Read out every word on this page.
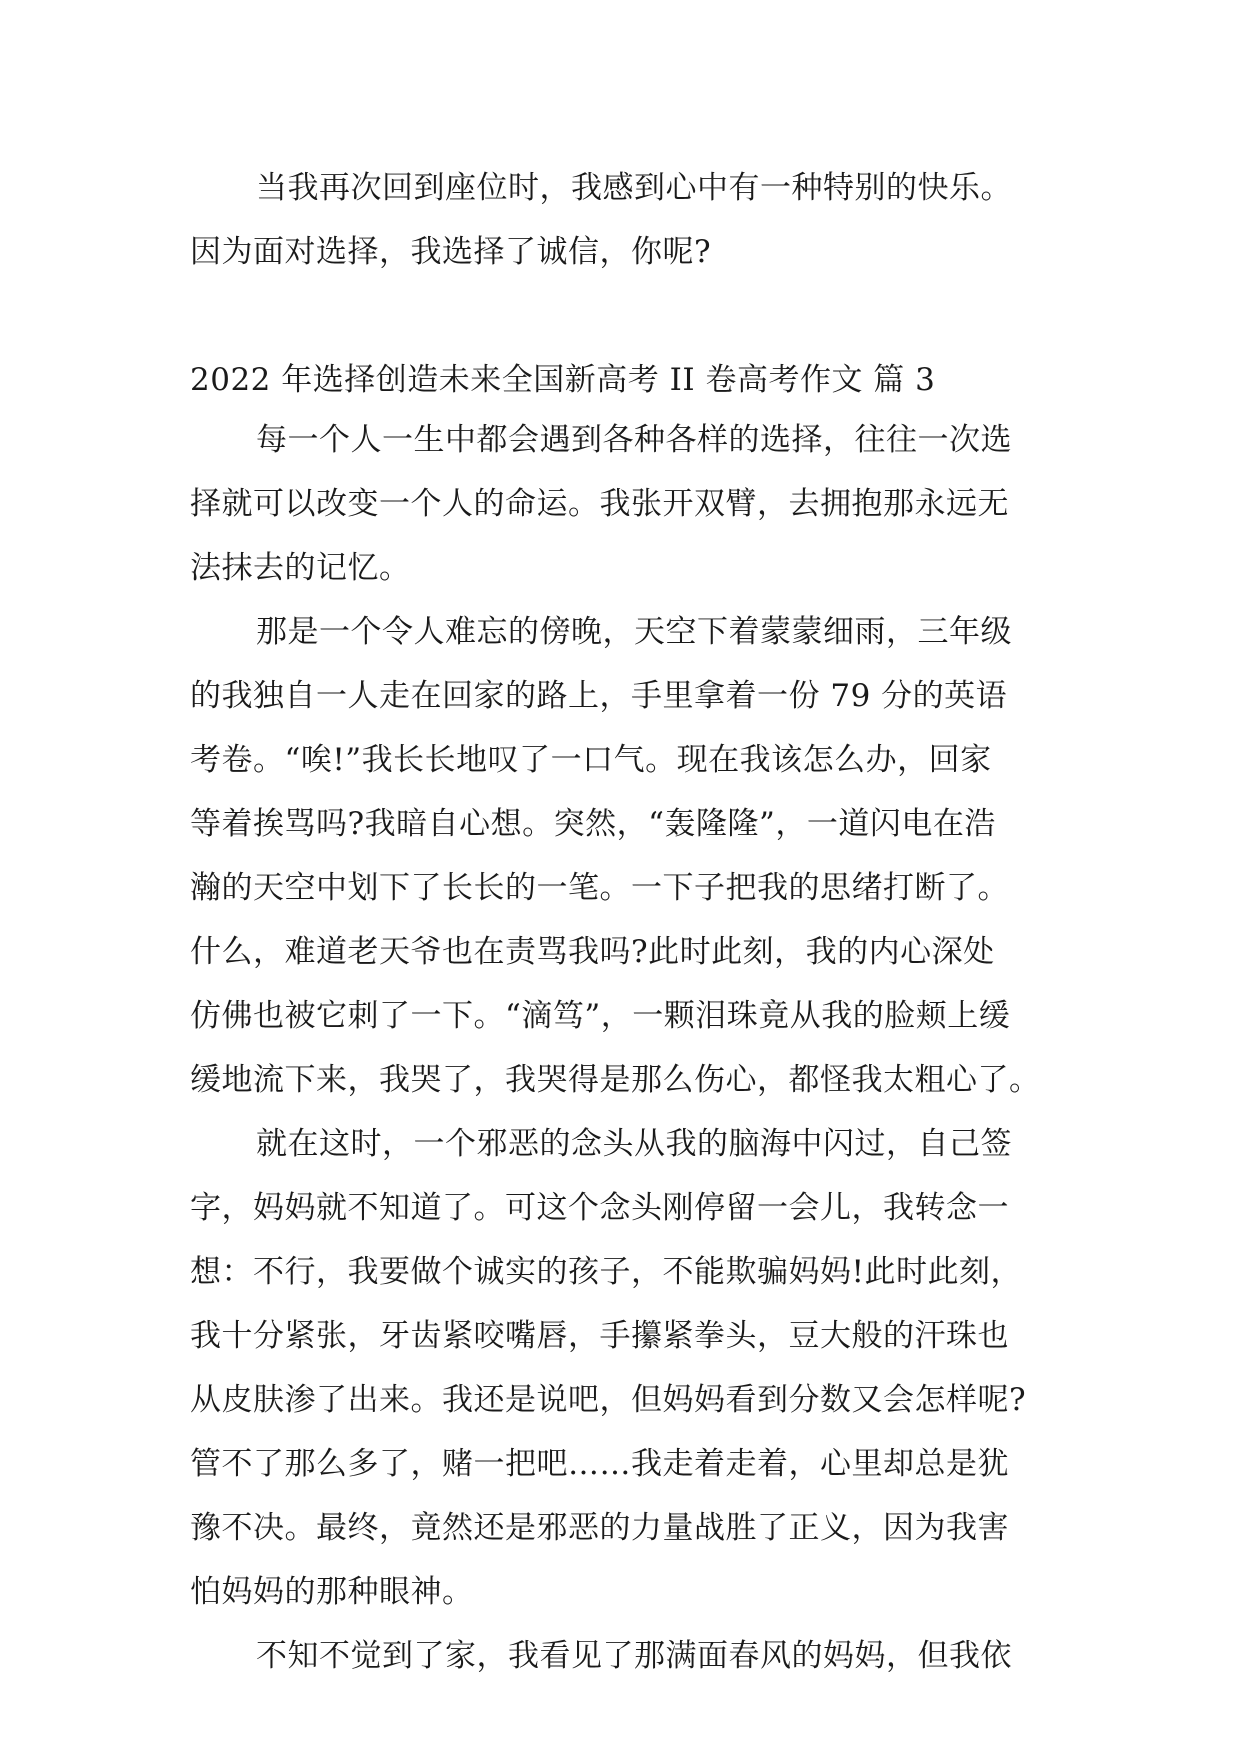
当我再次回到座位时，我感到心中有一种特别的快乐。
因为面对选择，我选择了诚信，你呢?
2022 年选择创造未来全国新高考 II 卷高考作文 篇 3
每一个人一生中都会遇到各种各样的选择，往往一次选
择就可以改变一个人的命运。我张开双臂，去拥抱那永远无
法抹去的记忆。
那是一个令人难忘的傍晚，天空下着蒙蒙细雨，三年级
的我独自一人走在回家的路上，手里拿着一份 79 分的英语
考卷。“唉!”我长长地叹了一口气。现在我该怎么办，回家
等着挨骂吗?我暗自心想。突然，“轰隆隆”，一道闪电在浩
瀚的天空中划下了长长的一笔。一下子把我的思绪打断了。
什么，难道老天爷也在责骂我吗?此时此刻，我的内心深处
仿佛也被它刺了一下。“滴笃”，一颗泪珠竟从我的脸颊上缓
缓地流下来，我哭了，我哭得是那么伤心，都怪我太粗心了。
就在这时，一个邪恶的念头从我的脑海中闪过，自己签
字，妈妈就不知道了。可这个念头刚停留一会儿，我转念一
想：不行，我要做个诚实的孩子，不能欺骗妈妈!此时此刻，
我十分紧张，牙齿紧咬嘴唇，手攥紧拳头，豆大般的汗珠也
从皮肤渗了出来。我还是说吧，但妈妈看到分数又会怎样呢?
管不了那么多了，赌一把吧……我走着走着，心里却总是犹
豫不决。最终，竟然还是邪恶的力量战胜了正义，因为我害
怕妈妈的那种眼神。
不知不觉到了家，我看见了那满面春风的妈妈，但我依
